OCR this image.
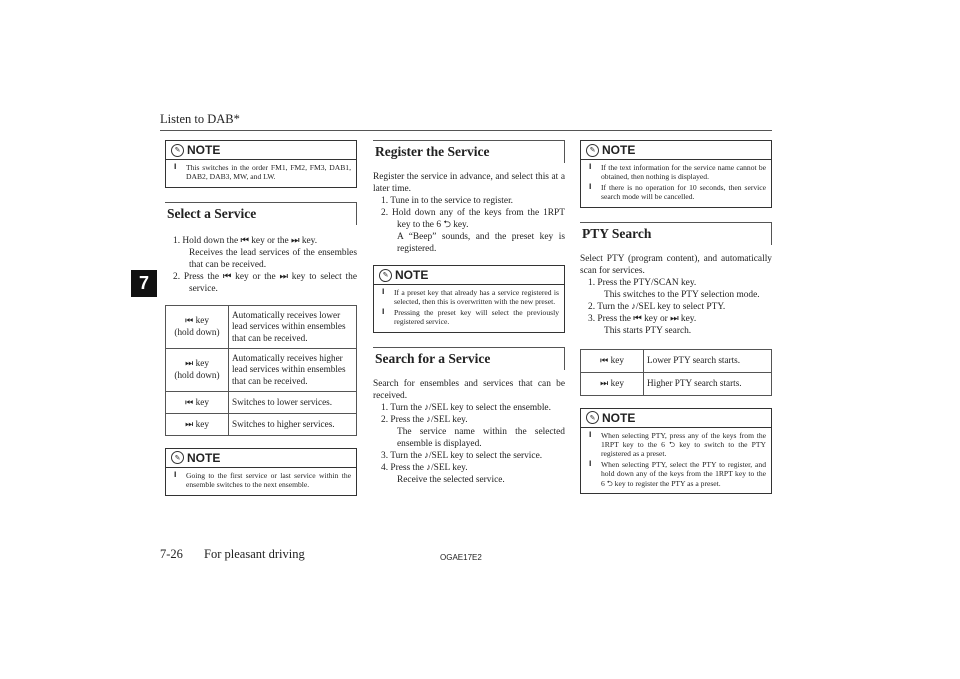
Listen to DAB*
7
✎ NOTE
l This switches in the order FM1, FM2, FM3, DAB1, DAB2, DAB3, MW, and LW.
Select a Service
1. Hold down the ⏮ key or the ⏭ key.
Receives the lead services of the ensembles that can be received.
2. Press the ⏮ key or the ⏭ key to select the service.
⏮ key
(hold down)	Automatically receives lower lead services within ensembles that can be received.
⏭ key
(hold down)	Automatically receives higher lead services within ensembles that can be received.
⏮ key	Switches to lower services.
⏭ key	Switches to higher services.
✎ NOTE
l Going to the first service or last service within the ensemble switches to the next ensemble.
Register the Service
Register the service in advance, and select this at a later time.
1. Tune in to the service to register.
2. Hold down any of the keys from the 1RPT key to the 6 ⮌ key.
A “Beep” sounds, and the preset key is registered.
✎ NOTE
l If a preset key that already has a service registered is selected, then this is overwritten with the new preset.
l Pressing the preset key will select the previously registered service.
Search for a Service
Search for ensembles and services that can be received.
1. Turn the ♪/SEL key to select the ensemble.
2. Press the ♪/SEL key.
The service name within the selected ensemble is displayed.
3. Turn the ♪/SEL key to select the service.
4. Press the ♪/SEL key.
Receive the selected service.
✎ NOTE
l If the text information for the service name cannot be obtained, then nothing is displayed.
l If there is no operation for 10 seconds, then service search mode will be cancelled.
PTY Search
Select PTY (program content), and automatically scan for services.
1. Press the PTY/SCAN key.
This switches to the PTY selection mode.
2. Turn the ♪/SEL key to select PTY.
3. Press the ⏮ key or ⏭ key.
This starts PTY search.
⏮ key	Lower PTY search starts.
⏭ key	Higher PTY search starts.
✎ NOTE
l When selecting PTY, press any of the keys from the 1RPT key to the 6 ⮌ key to switch to the PTY registered as a preset.
l When selecting PTY, select the PTY to register, and hold down any of the keys from the 1RPT key to the 6 ⮌ key to register the PTY as a preset.
7-26 For pleasant driving	OGAE17E2
